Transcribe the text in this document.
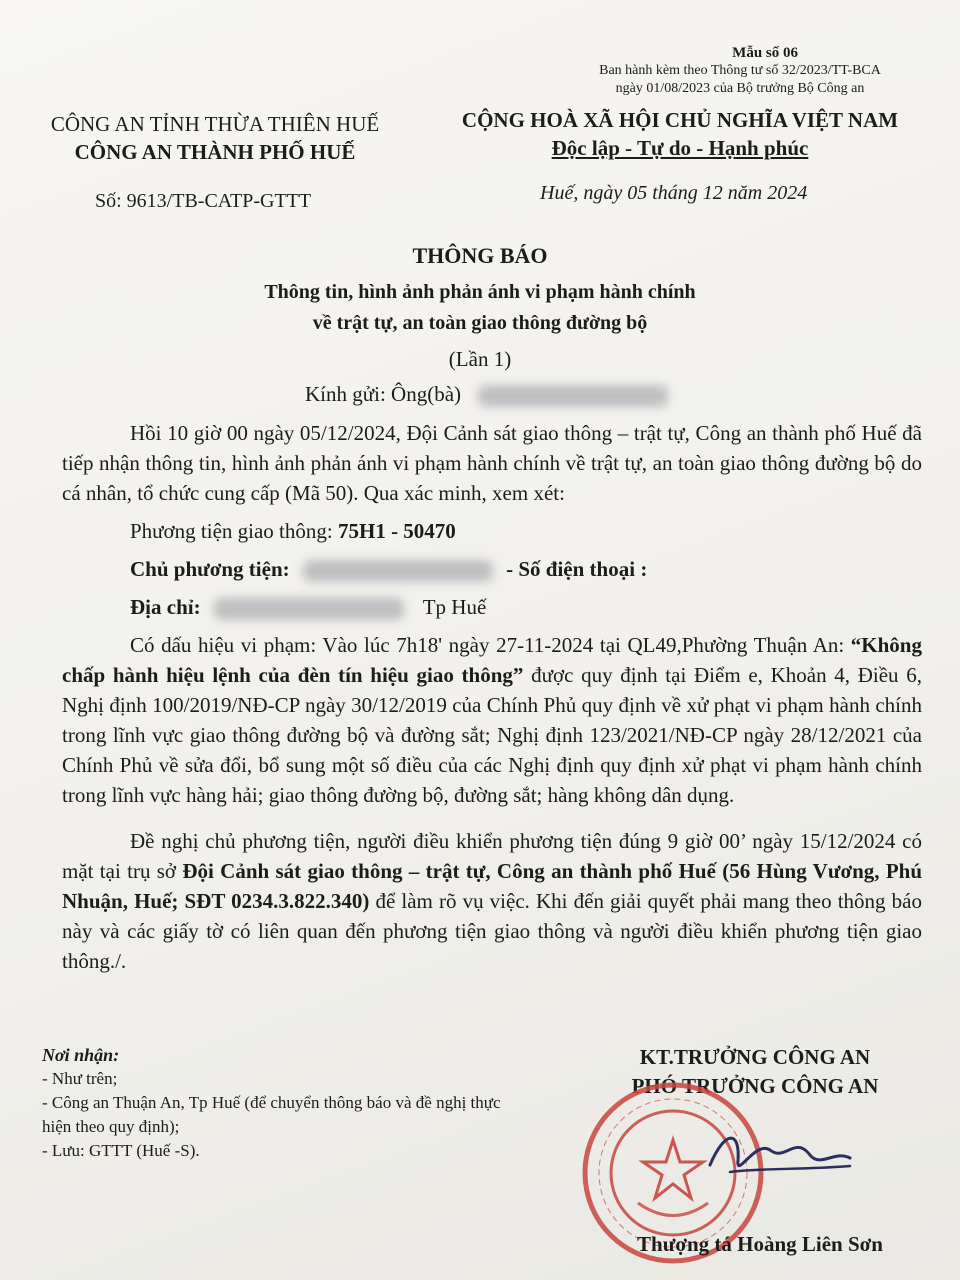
Mẫu số 06
Ban hành kèm theo Thông tư số 32/2023/TT-BCA
ngày 01/08/2023 của Bộ trưởng Bộ Công an
CÔNG AN TỈNH THỪA THIÊN HUẾ
CÔNG AN THÀNH PHỐ HUẾ
CỘNG HOÀ XÃ HỘI CHỦ NGHĨA VIỆT NAM
Độc lập - Tự do - Hạnh phúc
Số: 9613/TB-CATP-GTTT	Huế, ngày 05 tháng 12 năm 2024
THÔNG BÁO
Thông tin, hình ảnh phản ánh vi phạm hành chính
về trật tự, an toàn giao thông đường bộ
(Lần 1)
Kính gửi: Ông(bà)

Hồi 10 giờ 00 ngày 05/12/2024, Đội Cảnh sát giao thông – trật tự, Công an thành phố Huế đã tiếp nhận thông tin, hình ảnh phản ánh vi phạm hành chính về trật tự, an toàn giao thông đường bộ do cá nhân, tổ chức cung cấp (Mã 50). Qua xác minh, xem xét:

Phương tiện giao thông: 75H1 - 50470

Chủ phương tiện:	- Số điện thoại :

Địa chỉ:	Tp Huế

Có dấu hiệu vi phạm: Vào lúc 7h18' ngày 27-11-2024 tại QL49,Phường Thuận An: “Không chấp hành hiệu lệnh của đèn tín hiệu giao thông” được quy định tại Điểm e, Khoản 4, Điều 6, Nghị định 100/2019/NĐ-CP ngày 30/12/2019 của Chính Phủ quy định về xử phạt vi phạm hành chính trong lĩnh vực giao thông đường bộ và đường sắt; Nghị định 123/2021/NĐ-CP ngày 28/12/2021 của Chính Phủ về sửa đổi, bổ sung một số điều của các Nghị định quy định xử phạt vi phạm hành chính trong lĩnh vực hàng hải; giao thông đường bộ, đường sắt; hàng không dân dụng.

Đề nghị chủ phương tiện, người điều khiển phương tiện đúng 9 giờ 00’ ngày 15/12/2024 có mặt tại trụ sở Đội Cảnh sát giao thông – trật tự, Công an thành phố Huế (56 Hùng Vương, Phú Nhuận, Huế; SĐT 0234.3.822.340) để làm rõ vụ việc. Khi đến giải quyết phải mang theo thông báo này và các giấy tờ có liên quan đến phương tiện giao thông và người điều khiển phương tiện giao thông./.

Nơi nhận:
- Như trên;
- Công an Thuận An, Tp Huế (để chuyển thông báo và đề nghị thực hiện theo quy định);
- Lưu: GTTT (Huế -S).
KT.TRƯỞNG CÔNG AN
PHÓ TRƯỞNG CÔNG AN
Thượng tá Hoàng Liên Sơn
